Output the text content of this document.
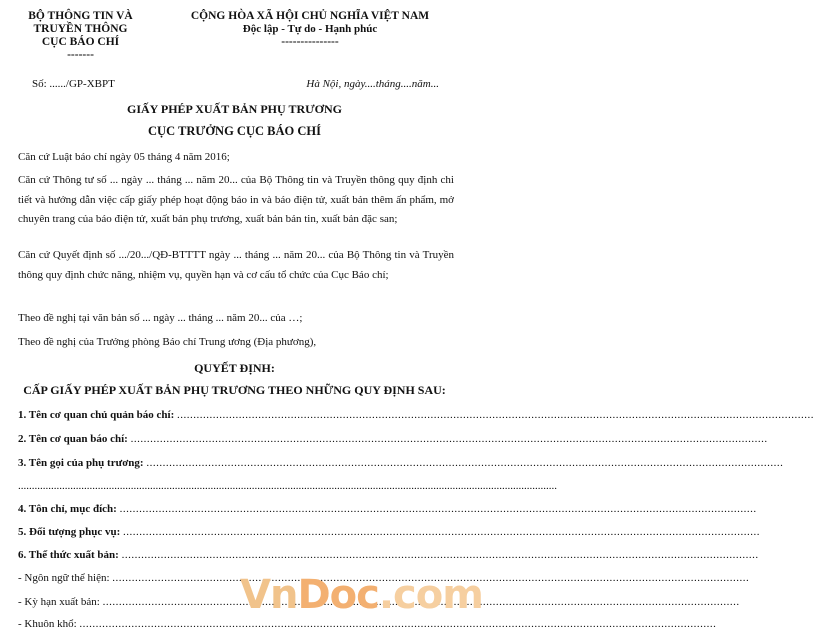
BỘ THÔNG TIN VÀ
TRUYỀN THÔNG
CỤC BÁO CHÍ
-------
CỘNG HÒA XÃ HỘI CHỦ NGHĨA VIỆT NAM
Độc lập - Tự do - Hạnh phúc
---------------
Số: ....../GP-XBPT	Hà Nội, ngày....tháng....năm...
GIẤY PHÉP XUẤT BẢN PHỤ TRƯƠNG
CỤC TRƯỞNG CỤC BÁO CHÍ
Căn cứ Luật báo chí ngày 05 tháng 4 năm 2016;
Căn cứ Thông tư số ... ngày ... tháng ... năm 20... của Bộ Thông tin và Truyền thông quy định chi tiết và hướng dẫn việc cấp giấy phép hoạt động báo in và báo điện tử, xuất bản thêm ấn phẩm, mở chuyên trang của báo điện tử, xuất bản phụ trương, xuất bản bản tin, xuất bản đặc san;
Căn cứ Quyết định số .../20.../QĐ-BTTTT ngày ... tháng ... năm 20... của Bộ Thông tin và Truyền thông quy định chức năng, nhiệm vụ, quyền hạn và cơ cấu tổ chức của Cục Báo chí;
Theo đề nghị tại văn bản số ... ngày ... tháng ... năm 20... của …;
Theo đề nghị của Trưởng phòng Báo chí Trung ương (Địa phương),
QUYẾT ĐỊNH:
CẤP GIẤY PHÉP XUẤT BẢN PHỤ TRƯƠNG THEO NHỮNG QUY ĐỊNH SAU:
1. Tên cơ quan chủ quản báo chí: ....................................................................................................................................................................................................
2. Tên cơ quan báo chí: ....................................................................................................................................................................................................
3. Tên gọi của phụ trương: ....................................................................................................................................................................................................
....................................................................................................................................................................................................
4. Tôn chỉ, mục đích: ....................................................................................................................................................................................................
5. Đối tượng phục vụ: ....................................................................................................................................................................................................
6. Thể thức xuất bản: ....................................................................................................................................................................................................
- Ngôn ngữ thể hiện: ....................................................................................................................................................................................................
- Kỳ hạn xuất bản: ....................................................................................................................................................................................................
- Khuôn khổ: ....................................................................................................................................................................................................
VnDoc.com
